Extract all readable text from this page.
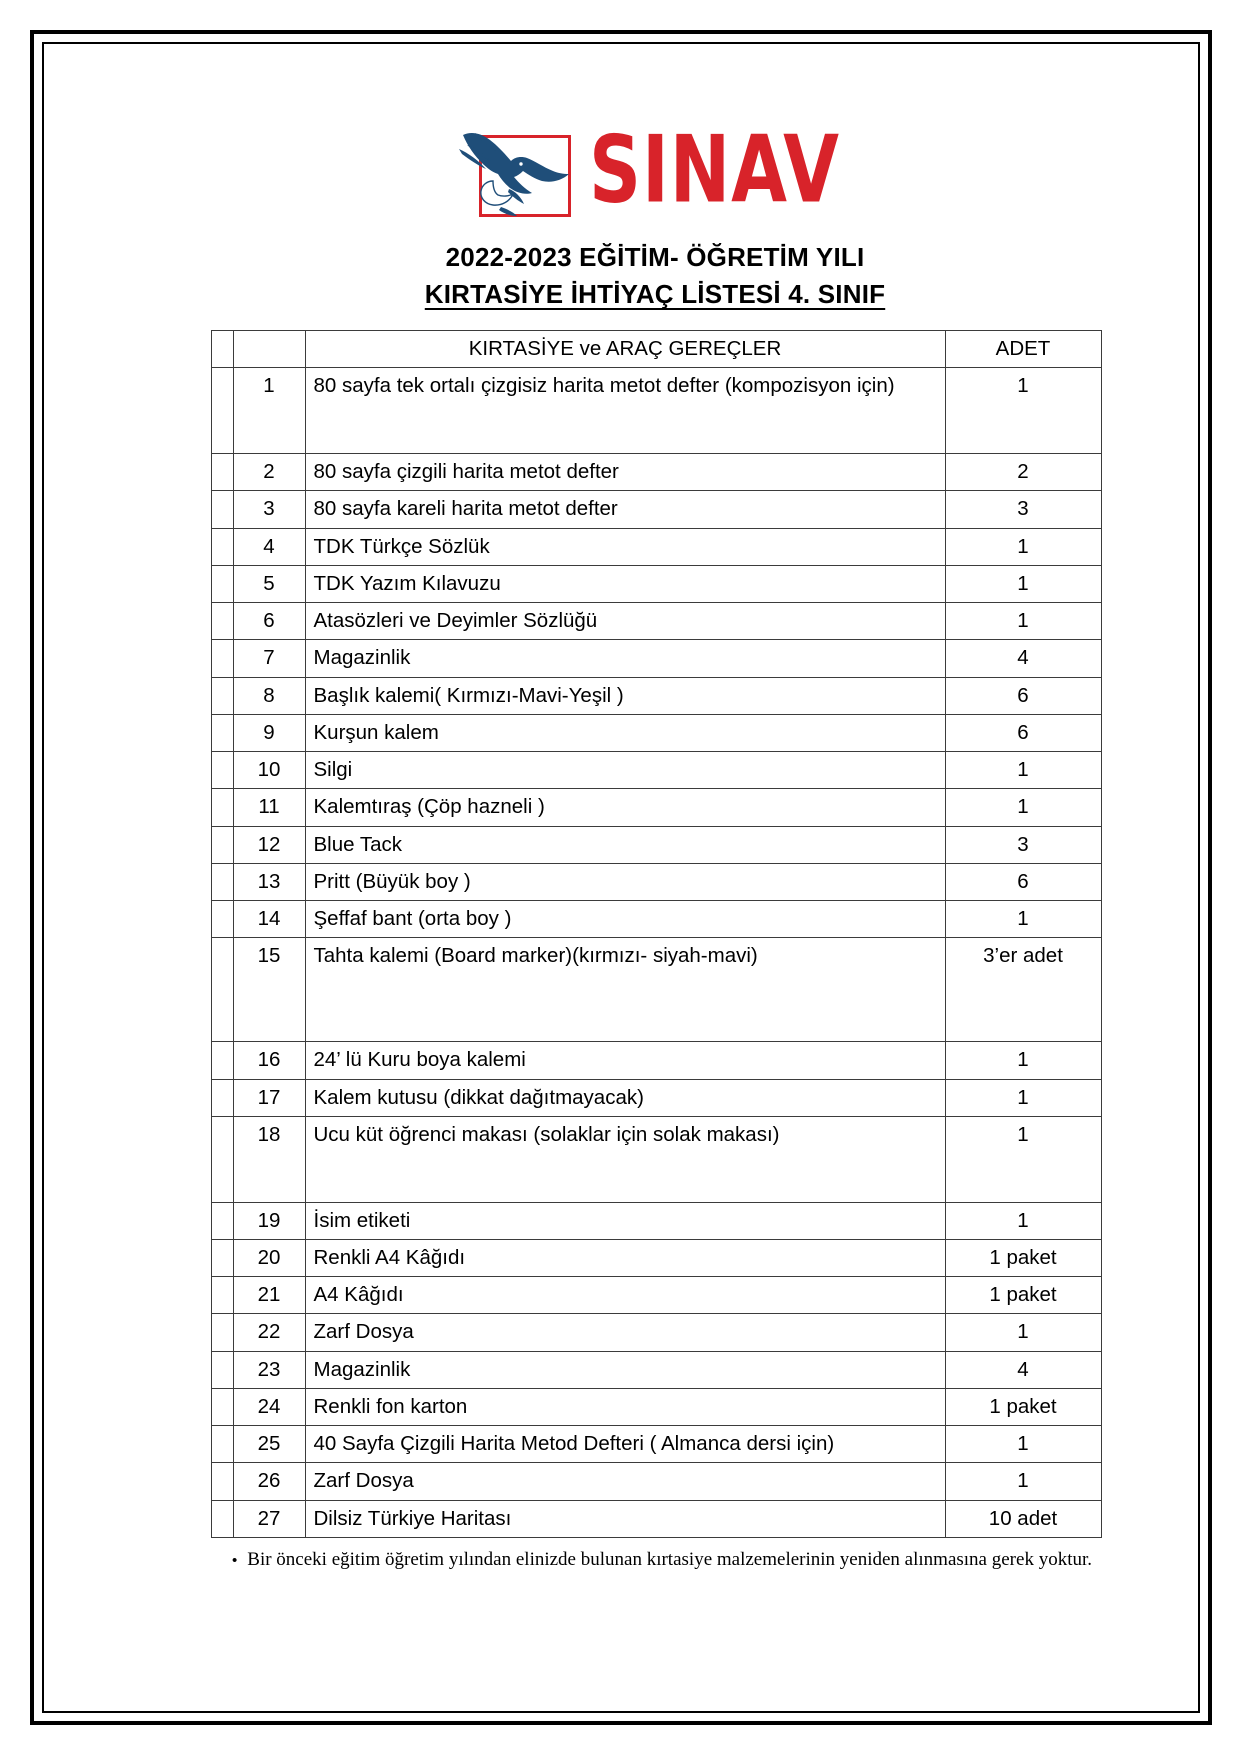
SINAV
2022-2023 EĞİTİM- ÖĞRETİM YILI
KIRTASİYE İHTİYAÇ LİSTESİ 4. SINIF
		KIRTASİYE ve ARAÇ GEREÇLER	ADET
	1	80 sayfa tek ortalı çizgisiz harita metot defter (kompozisyon için)	1
	2	80 sayfa çizgili harita metot defter	2
	3	80 sayfa kareli harita metot defter	3
	4	TDK Türkçe Sözlük	1
	5	TDK Yazım Kılavuzu	1
	6	Atasözleri ve Deyimler Sözlüğü	1
	7	Magazinlik	4
	8	Başlık kalemi( Kırmızı-Mavi-Yeşil )	6
	9	Kurşun kalem	6
	10	Silgi	1
	11	Kalemtıraş (Çöp hazneli )	1
	12	Blue Tack	3
	13	Pritt (Büyük boy )	6
	14	Şeffaf bant (orta boy )	1
	15	Tahta kalemi (Board marker)(kırmızı- siyah-mavi)	3’er adet
	16	24’ lü Kuru boya kalemi	1
	17	Kalem kutusu (dikkat dağıtmayacak)	1
	18	Ucu küt öğrenci makası (solaklar için solak makası)	1
	19	İsim etiketi	1
	20	Renkli A4 Kâğıdı	1 paket
	21	A4 Kâğıdı	1 paket
	22	Zarf Dosya	1
	23	Magazinlik	4
	24	Renkli fon karton	1 paket
	25	40 Sayfa Çizgili Harita Metod Defteri ( Almanca dersi için)	1
	26	Zarf Dosya	1
	27	Dilsiz Türkiye Haritası	10 adet
• Bir önceki eğitim öğretim yılından elinizde bulunan kırtasiye malzemelerinin yeniden alınmasına gerek yoktur.
